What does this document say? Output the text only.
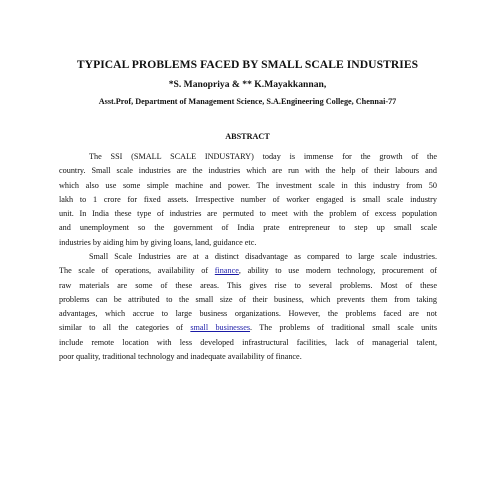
TYPICAL PROBLEMS FACED BY SMALL SCALE INDUSTRIES
*S. Manopriya & ** K.Mayakkannan,
Asst.Prof, Department of Management Science, S.A.Engineering College, Chennai-77
ABSTRACT
The SSI (SMALL SCALE INDUSTARY) today is immense for the growth of the
country. Small scale industries are the industries which are run with the help of their labours and
which also use some simple machine and power. The investment scale in this industry from 50
lakh to 1 crore for fixed assets. Irrespective number of worker engaged is small scale industry
unit. In India these type of industries are permuted to meet with the problem of excess population
and unemployment so the government of India prate entrepreneur to step up small scale
industries by aiding him by giving loans, land, guidance etc.
Small Scale Industries are at a distinct disadvantage as compared to large scale industries.
The scale of operations, availability of finance, ability to use modern technology, procurement of
raw materials are some of these areas. This gives rise to several problems. Most of these
problems can be attributed to the small size of their business, which prevents them from taking
advantages, which accrue to large business organizations. However, the problems faced are not
similar to all the categories of small businesses. The problems of traditional small scale units
include remote location with less developed infrastructural facilities, lack of managerial talent,
poor quality, traditional technology and inadequate availability of finance.
